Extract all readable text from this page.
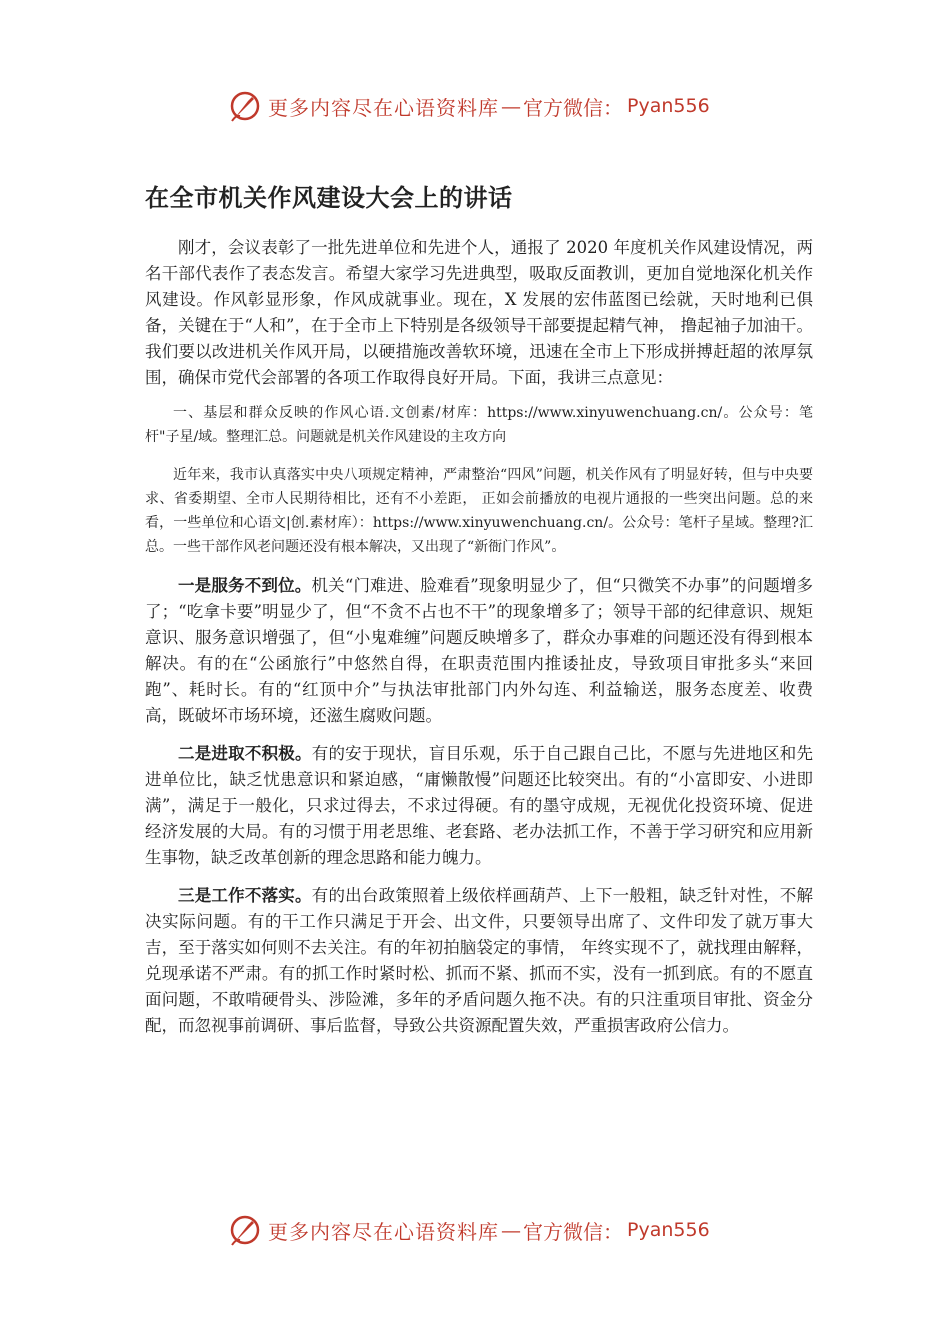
更多内容尽在心语资料库 — 官方微信： Pyan556
在全市机关作风建设大会上的讲话

刚才，会议表彰了一批先进单位和先进个人，通报了 2020 年度机关作风建设情况，两名干部代表作了表态发言。希望大家学习先进典型，吸取反面教训，更加自觉地深化机关作风建设。作风彰显形象，作风成就事业。现在，X 发展的宏伟蓝图已绘就，天时地利已俱备，关键在于“人和”，在于全市上下特别是各级领导干部要提起精气神， 撸起袖子加油干。我们要以改进机关作风开局，以硬措施改善软环境，迅速在全市上下形成拼搏赶超的浓厚氛围，确保市党代会部署的各项工作取得良好开局。下面，我讲三点意见：

一、基层和群众反映的作风心语.文创素/材库：https://www.xinyuwenchuang.cn/。公众号：笔杆"子星/域。整理汇总。问题就是机关作风建设的主攻方向

近年来，我市认真落实中央八项规定精神，严肃整治“四风”问题，机关作风有了明显好转，但与中央要求、省委期望、全市人民期待相比，还有不小差距， 正如会前播放的电视片通报的一些突出问题。总的来看，一些单位和心语文|创.素材库）：https://www.xinyuwenchuang.cn/。公众号：笔杆子星域。整理?汇总。一些干部作风老问题还没有根本解决，又出现了“新衙门作风”。

一是服务不到位。机关“门难进、脸难看”现象明显少了，但“只微笑不办事”的问题增多了；“吃拿卡要”明显少了，但“不贪不占也不干”的现象增多了；领导干部的纪律意识、规矩意识、服务意识增强了，但“小鬼难缠”问题反映增多了，群众办事难的问题还没有得到根本解决。有的在“公函旅行”中悠然自得，在职责范围内推诿扯皮，导致项目审批多头“来回跑”、耗时长。有的“红顶中介”与执法审批部门内外勾连、利益输送，服务态度差、收费高，既破坏市场环境，还滋生腐败问题。

二是进取不积极。有的安于现状，盲目乐观，乐于自己跟自己比，不愿与先进地区和先进单位比，缺乏忧患意识和紧迫感，“庸懒散慢”问题还比较突出。有的“小富即安、小进即满”，满足于一般化，只求过得去，不求过得硬。有的墨守成规，无视优化投资环境、促进经济发展的大局。有的习惯于用老思维、老套路、老办法抓工作，不善于学习研究和应用新生事物，缺乏改革创新的理念思路和能力魄力。

三是工作不落实。有的出台政策照着上级依样画葫芦、上下一般粗，缺乏针对性，不解决实际问题。有的干工作只满足于开会、出文件，只要领导出席了、文件印发了就万事大吉，至于落实如何则不去关注。有的年初拍脑袋定的事情， 年终实现不了，就找理由解释，兑现承诺不严肃。有的抓工作时紧时松、抓而不紧、抓而不实，没有一抓到底。有的不愿直面问题，不敢啃硬骨头、涉险滩，多年的矛盾问题久拖不决。有的只注重项目审批、资金分配，而忽视事前调研、事后监督，导致公共资源配置失效，严重损害政府公信力。

更多内容尽在心语资料库 — 官方微信： Pyan556
